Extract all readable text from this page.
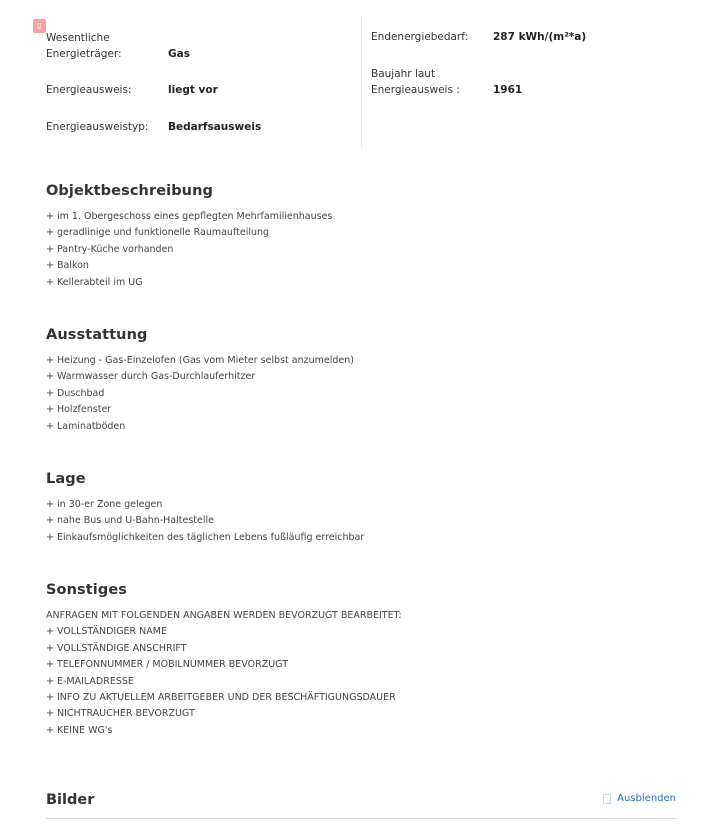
▯
Wesentliche
Energieträger:	Gas
Energieausweis:	liegt vor
Energieausweistyp: Bedarfsausweis
Endenergiebedarf: 287 kWh/(m²*a)
Baujahr laut
Energieausweis :	1961
Objektbeschreibung
+ im 1. Obergeschoss eines gepflegten Mehrfamilienhauses
+ geradlinige und funktionelle Raumaufteilung
+ Pantry-Küche vorhanden
+ Balkon
+ Kellerabteil im UG
Ausstattung
+ Heizung - Gas-Einzelofen (Gas vom Mieter selbst anzumelden)
+ Warmwasser durch Gas-Durchlauferhitzer
+ Duschbad
+ Holzfenster
+ Laminatböden
Lage
+ in 30-er Zone gelegen
+ nahe Bus und U-Bahn-Haltestelle
+ Einkaufsmöglichkeiten des täglichen Lebens fußläufig erreichbar
Sonstiges
ANFRAGEN MIT FOLGENDEN ANGABEN WERDEN BEVORZUGT BEARBEITET:
+ VOLLSTÄNDIGER NAME
+ VOLLSTÄNDIGE ANSCHRIFT
+ TELEFONNUMMER / MOBILNUMMER BEVORZUGT
+ E-MAILADRESSE
+ INFO ZU AKTUELLEM ARBEITGEBER UND DER BESCHÄFTIGUNGSDAUER
+ NICHTRAUCHER BEVORZUGT
+ KEINE WG's
Bilder	Ausblenden
